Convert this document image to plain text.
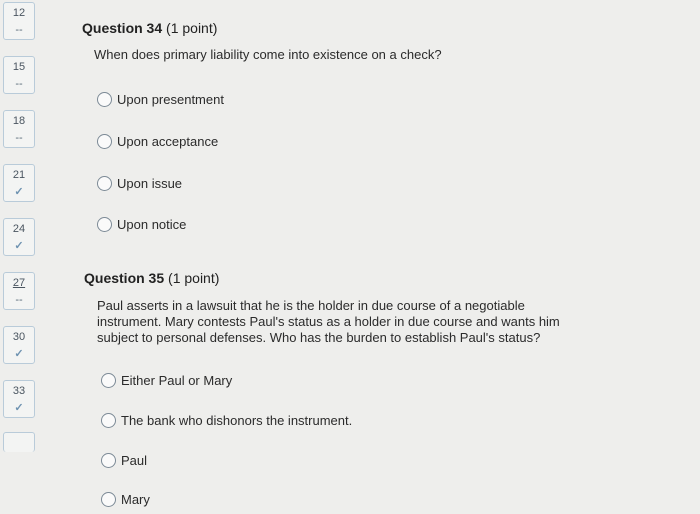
12
--
15
--
18
--
21
✓
24
✓
27
--
30
✓
33
✓
Question 34 (1 point)
When does primary liability come into existence on a check?
Upon presentment
Upon acceptance
Upon issue
Upon notice
Question 35 (1 point)
Paul asserts in a lawsuit that he is the holder in due course of a negotiable instrument. Mary contests Paul's status as a holder in due course and wants him subject to personal defenses. Who has the burden to establish Paul's status?
Either Paul or Mary
The bank who dishonors the instrument.
Paul
Mary
